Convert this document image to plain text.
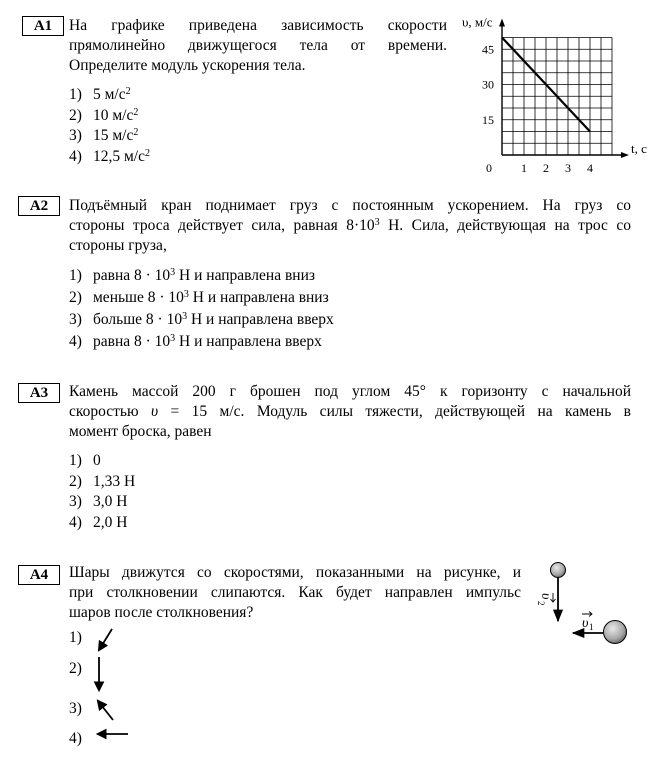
A1	На графике приведена зависимость скорости
прямолинейно движущегося тела от времени.
Определите модуль ускорения тела.
1) 5 $м/с^2$
2) 10 $м/с^2$
3) 15 $м/с^2$
4) 12,5 $м/с^2$
υ, м/с
t, c
0 1 2 3 4
15
30
45
A2	Подъёмный кран поднимает груз с постоянным ускорением. На груз со
стороны троса действует сила, равная $8\cdot 10^3$ Н. Сила, действующая на трос со
стороны груза,
1) равна $8 \cdot 10^3$ Н и направлена вниз
2) меньше $8 \cdot 10^3$ Н и направлена вниз
3) больше $8 \cdot 10^3$ Н и направлена вверх
4) равна $8 \cdot 10^3$ Н и направлена вверх
A3	Камень массой 200 г брошен под углом 45° к горизонту с начальной
скоростью υ = 15 м/с. Модуль силы тяжести, действующей на камень в
момент броска, равен
1) 0
2) 1,33 Н
3) 3,0 Н
4) 2,0 Н
A4	Шары движутся со скоростями, показанными на рисунке, и
при столкновении слипаются. Как будет направлен импульс
шаров после столкновения?
υ
2
υ 1
1)
2)
3)
4)
